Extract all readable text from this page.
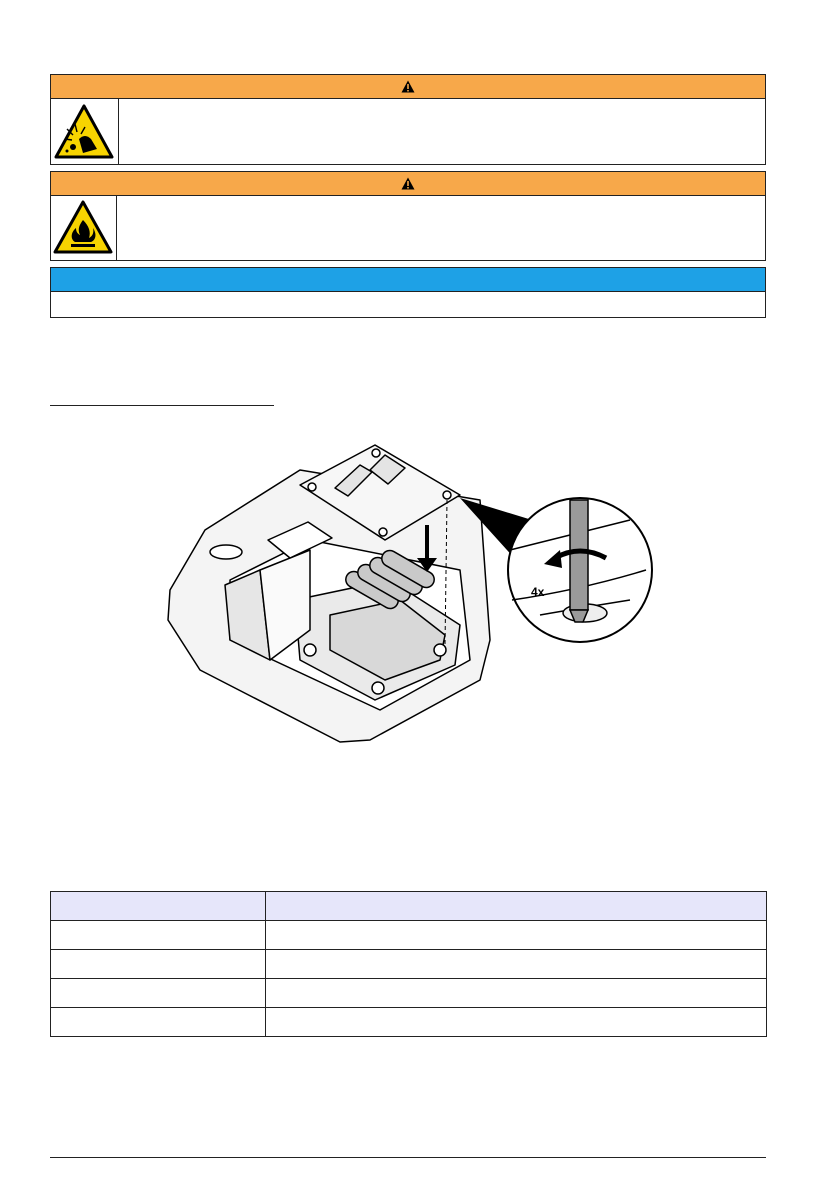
4x
